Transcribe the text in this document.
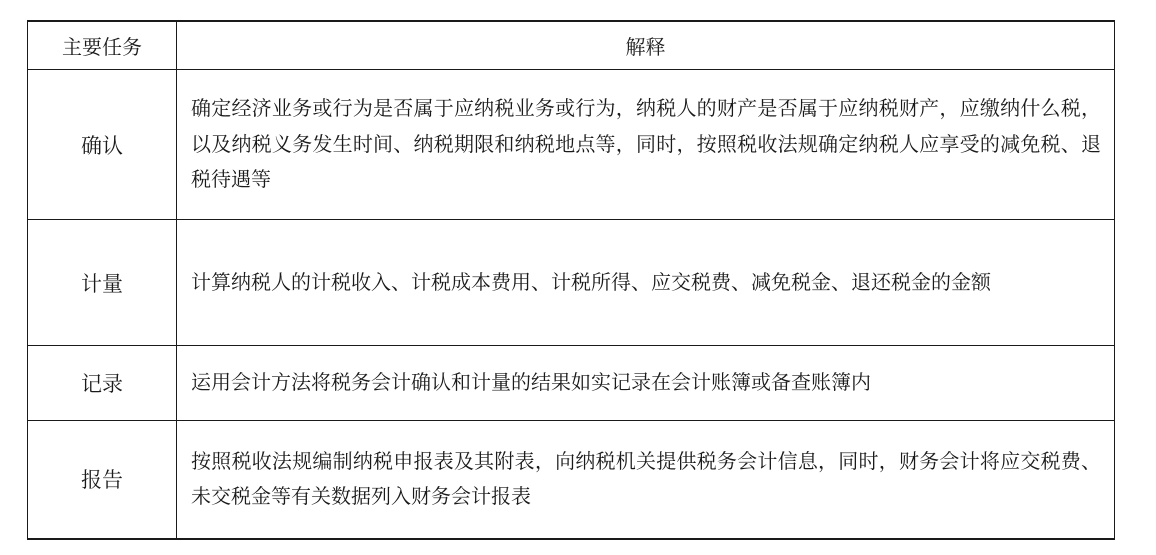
主要任务	解释
确认	确定经济业务或行为是否属于应纳税业务或行为，纳税人的财产是否属于应纳税财产，应缴纳什么税，以及纳税义务发生时间、纳税期限和纳税地点等，同时，按照税收法规确定纳税人应享受的减免税、退税待遇等
计量	计算纳税人的计税收入、计税成本费用、计税所得、应交税费、减免税金、退还税金的金额
记录	运用会计方法将税务会计确认和计量的结果如实记录在会计账簿或备查账簿内
报告	按照税收法规编制纳税申报表及其附表，向纳税机关提供税务会计信息，同时，财务会计将应交税费、未交税金等有关数据列入财务会计报表
